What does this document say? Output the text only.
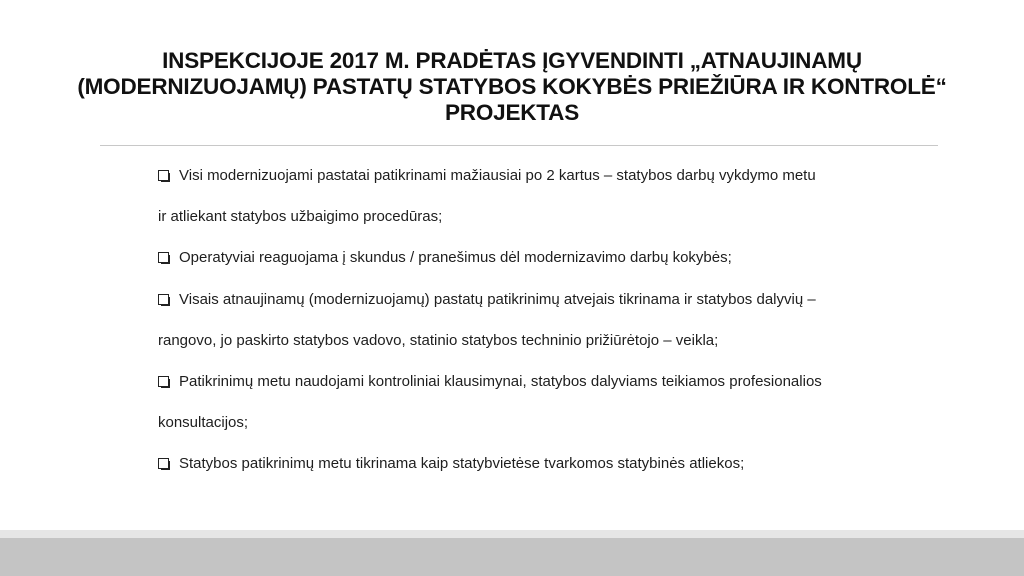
INSPEKCIJOJE 2017 M. PRADĖTAS ĮGYVENDINTI „ATNAUJINAMŲ (MODERNIZUOJAMŲ) PASTATŲ STATYBOS KOKYBĖS PRIEŽIŪRA IR KONTROLĖ“ PROJEKTAS
Visi modernizuojami pastatai patikrinami mažiausiai po 2 kartus – statybos darbų vykdymo metu
ir atliekant statybos užbaigimo procedūras;
Operatyviai reaguojama į skundus / pranešimus dėl modernizavimo darbų kokybės;
Visais atnaujinamų (modernizuojamų) pastatų patikrinimų atvejais tikrinama ir statybos dalyvių –
rangovo, jo paskirto statybos vadovo, statinio statybos techninio prižiūrėtojo – veikla;
Patikrinimų metu naudojami kontroliniai klausimynai, statybos dalyviams teikiamos profesionalios
konsultacijos;
Statybos patikrinimų metu tikrinama kaip statybvietėse tvarkomos statybinės atliekos;
